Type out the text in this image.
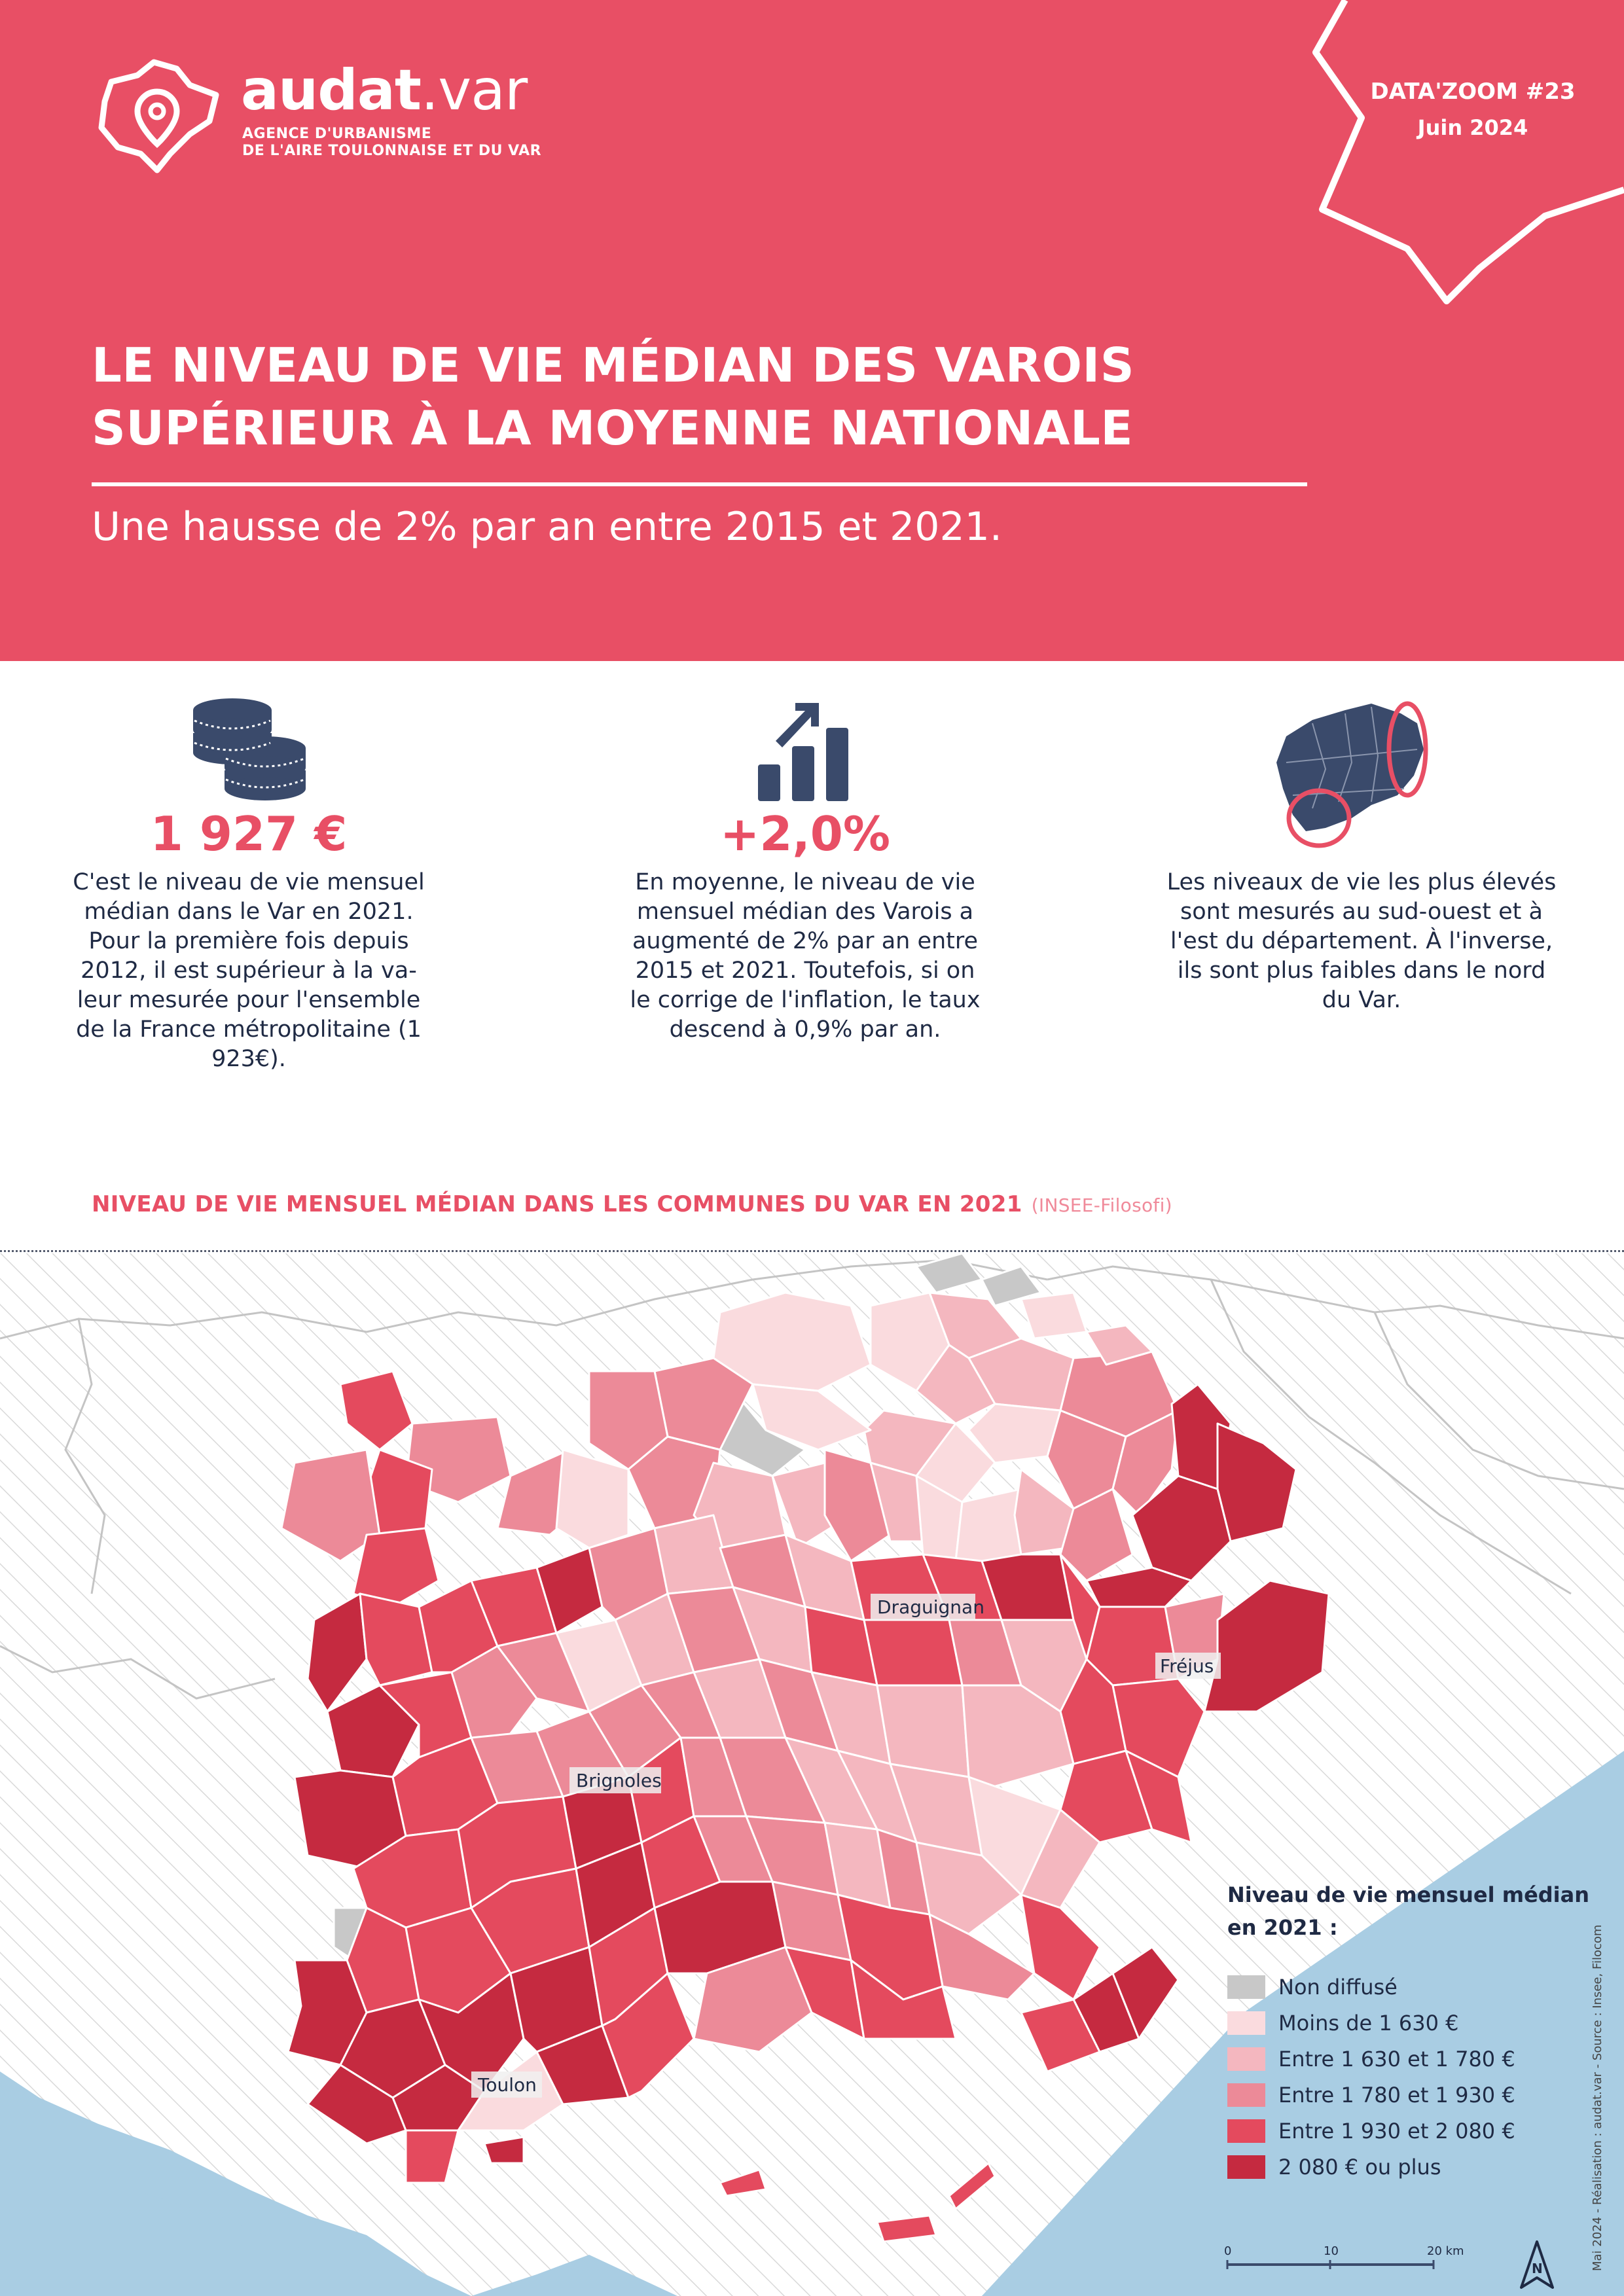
audat.var
AGENCE D'URBANISME
DE L'AIRE TOULONNAISE ET DU VAR
DATA'ZOOM #23
Juin 2024
LE NIVEAU DE VIE MÉDIAN DES VAROIS
SUPÉRIEUR À LA MOYENNE NATIONALE
Une hausse de 2% par an entre 2015 et 2021.
1 927 €
C'est le niveau de vie mensuel médian dans le Var en 2021. Pour la première fois depuis 2012, il est supérieur à la va-leur mesurée pour l'ensemble de la France métropolitaine (1 923€).
+2,0%
En moyenne, le niveau de vie mensuel médian des Varois a augmenté de 2% par an entre 2015 et 2021. Toutefois, si on le corrige de l'inflation, le taux descend à 0,9% par an.
Les niveaux de vie les plus élevés sont mesurés au sud-ouest et à l'est du département. À l'inverse, ils sont plus faibles dans le nord du Var.
NIVEAU DE VIE MENSUEL MÉDIAN DANS LES COMMUNES DU VAR EN 2021 (INSEE-Filosofi)
Draguignan
Fréjus
Brignoles
Toulon
0	10	20 km
N
Niveau de vie mensuel médian
en 2021 :
Non diffusé
Moins de 1 630 €
Entre 1 630 et 1 780 €
Entre 1 780 et 1 930 €
Entre 1 930 et 2 080 €
2 080 € ou plus	Mai 2024 - Réalisation : audat.var - Source : Insee, Filocom
